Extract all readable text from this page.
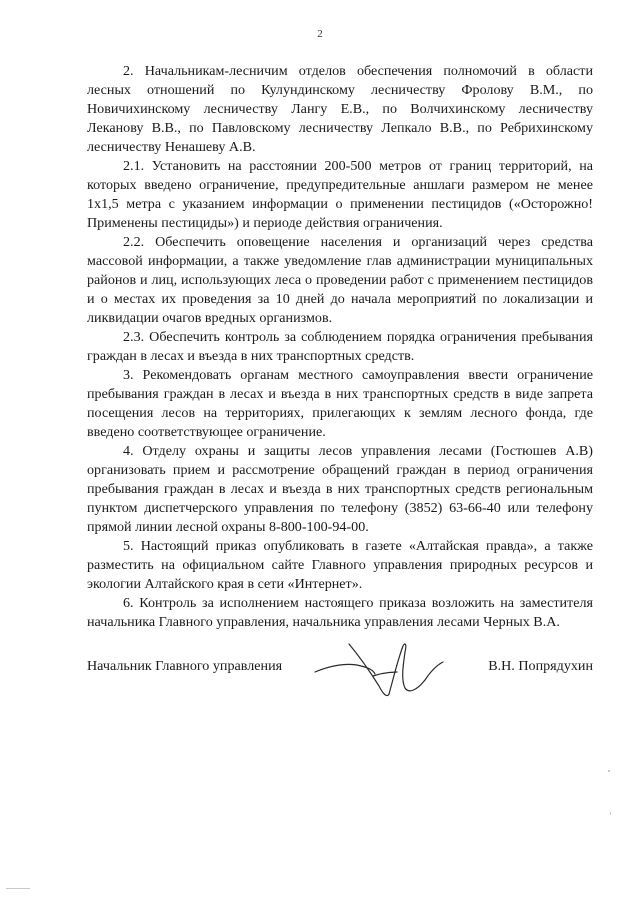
2

2. Начальникам-лесничим отделов обеспечения полномочий в области лесных отношений по Кулундинскому лесничеству Фролову В.М., по Новичихинскому лесничеству Лангу Е.В., по Волчихинскому лесничеству Леканову В.В., по Павловскому лесничеству Лепкало В.В., по Ребрихинскому лесничеству Ненашеву А.В.

2.1. Установить на расстоянии 200-500 метров от границ территорий, на которых введено ограничение, предупредительные аншлаги размером не менее 1х1,5 метра с указанием информации о применении пестицидов («Осторожно! Применены пестициды») и периоде действия ограничения.

2.2. Обеспечить оповещение населения и организаций через средства массовой информации, а также уведомление глав администрации муниципальных районов и лиц, использующих леса о проведении работ с применением пестицидов и о местах их проведения за 10 дней до начала мероприятий по локализации и ликвидации очагов вредных организмов.

2.3. Обеспечить контроль за соблюдением порядка ограничения пребывания граждан в лесах и въезда в них транспортных средств.

3. Рекомендовать органам местного самоуправления ввести ограничение пребывания граждан в лесах и въезда в них транспортных средств в виде запрета посещения лесов на территориях, прилегающих к землям лесного фонда, где введено соответствующее ограничение.

4. Отделу охраны и защиты лесов управления лесами (Гостюшев А.В) организовать прием и рассмотрение обращений граждан в период ограничения пребывания граждан в лесах и въезда в них транспортных средств региональным пунктом диспетчерского управления по телефону (3852) 63-66-40 или телефону прямой линии лесной охраны 8-800-100-94-00.

5. Настоящий приказ опубликовать в газете «Алтайская правда», а также разместить на официальном сайте Главного управления природных ресурсов и экологии Алтайского края в сети «Интернет».

6. Контроль за исполнением настоящего приказа возложить на заместителя начальника Главного управления, начальника управления лесами Черных В.А.

Начальник Главного управления	В.Н. Попрядухин
